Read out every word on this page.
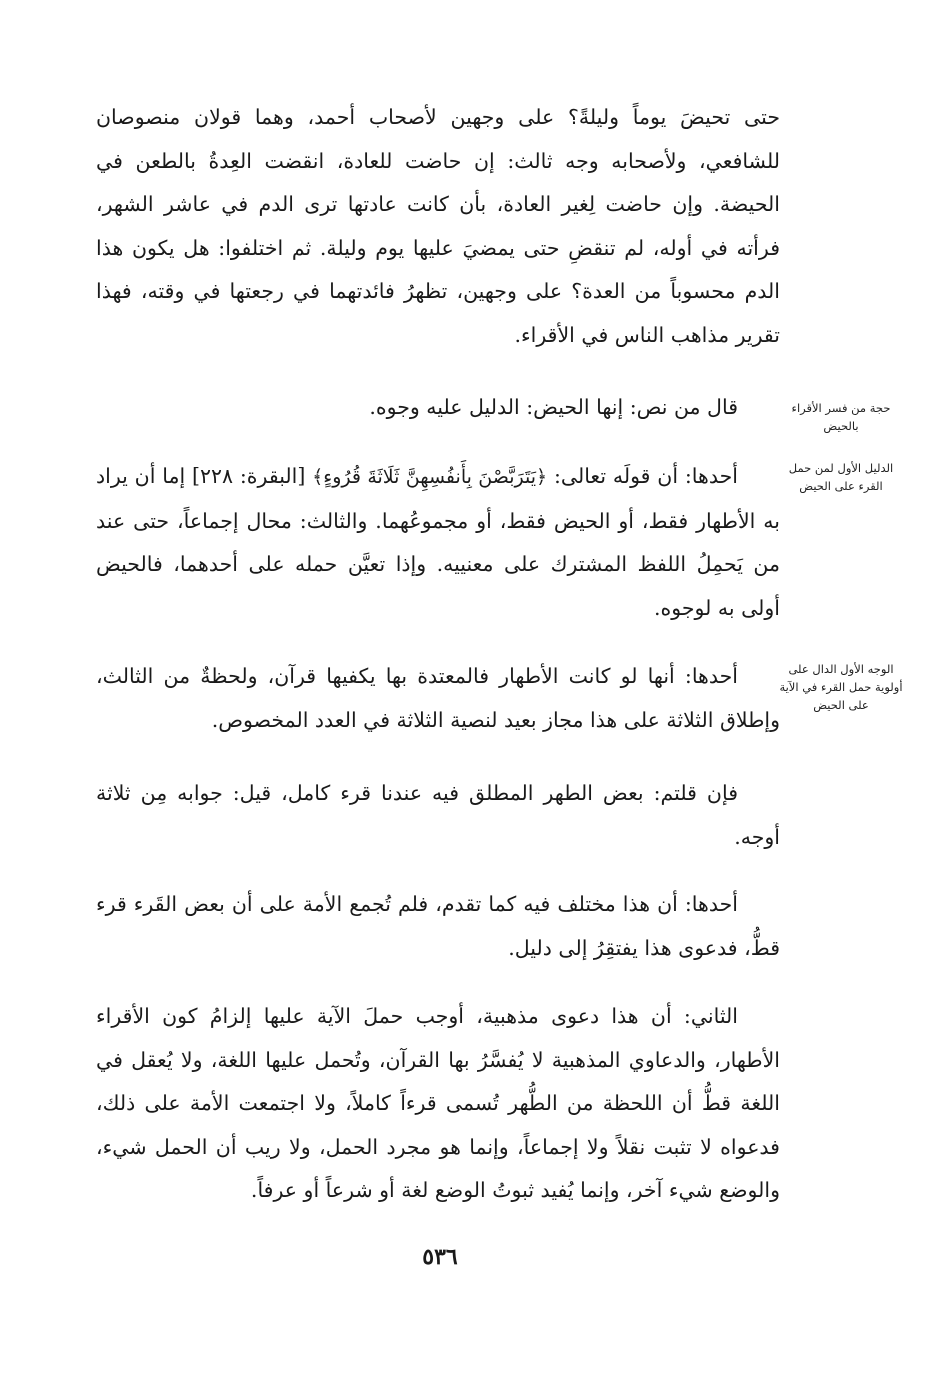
حتى تحيضَ يوماً وليلةً؟ على وجهين لأصحاب أحمد، وهما قولان منصوصان للشافعي، ولأصحابه وجه ثالث: إن حاضت للعادة، انقضت العِدةُ بالطعن في الحيضة. وإن حاضت لِغير العادة، بأن كانت عادتها ترى الدم في عاشر الشهر، فرأته في أوله، لم تنقضِ حتى يمضيَ عليها يوم وليلة. ثم اختلفوا: هل يكون هذا الدم محسوباً من العدة؟ على وجهين، تظهرُ فائدتهما في رجعتها في وقته، فهذا تقرير مذاهب الناس في الأقراء.

حجة من فسر الأقراء بالحيض

قال من نص: إنها الحيض: الدليل عليه وجوه.

الدليل الأول لمن حمل القرء على الحيض

أحدها: أن قولَه تعالى: ﴿يَتَرَبَّصْنَ بِأَنفُسِهِنَّ ثَلَاثَةَ قُرُوءٍ﴾ [البقرة: ٢٢٨] إما أن يراد به الأطهار فقط، أو الحيض فقط، أو مجموعُهما. والثالث: محال إجماعاً، حتى عند من يَحمِلُ اللفظ المشترك على معنييه. وإذا تعيَّن حمله على أحدهما، فالحيض أولى به لوجوه.

الوجه الأول الدال على أولوية حمل القرء في الآية على الحيض

أحدها: أنها لو كانت الأطهار فالمعتدة بها يكفيها قرآن، ولحظةٌ من الثالث، وإطلاق الثلاثة على هذا مجاز بعيد لنصية الثلاثة في العدد المخصوص.

فإن قلتم: بعض الطهر المطلق فيه عندنا قرء كامل، قيل: جوابه مِن ثلاثة أوجه.

أحدها: أن هذا مختلف فيه كما تقدم، فلم تُجمع الأمة على أن بعض القَرء قرء قطُّ، فدعوى هذا يفتقِرُ إلى دليل.

الثاني: أن هذا دعوى مذهبية، أوجب حملَ الآية عليها إلزامُ كون الأقراء الأطهار، والدعاوي المذهبية لا يُفسَّرُ بها القرآن، وتُحمل عليها اللغة، ولا يُعقل في اللغة قطُّ أن اللحظة من الطُّهر تُسمى قرءاً كاملاً، ولا اجتمعت الأمة على ذلك، فدعواه لا تثبت نقلاً ولا إجماعاً، وإنما هو مجرد الحمل، ولا ريب أن الحمل شيء، والوضع شيء آخر، وإنما يُفيد ثبوتُ الوضع لغة أو شرعاً أو عرفاً.

٥٣٦
